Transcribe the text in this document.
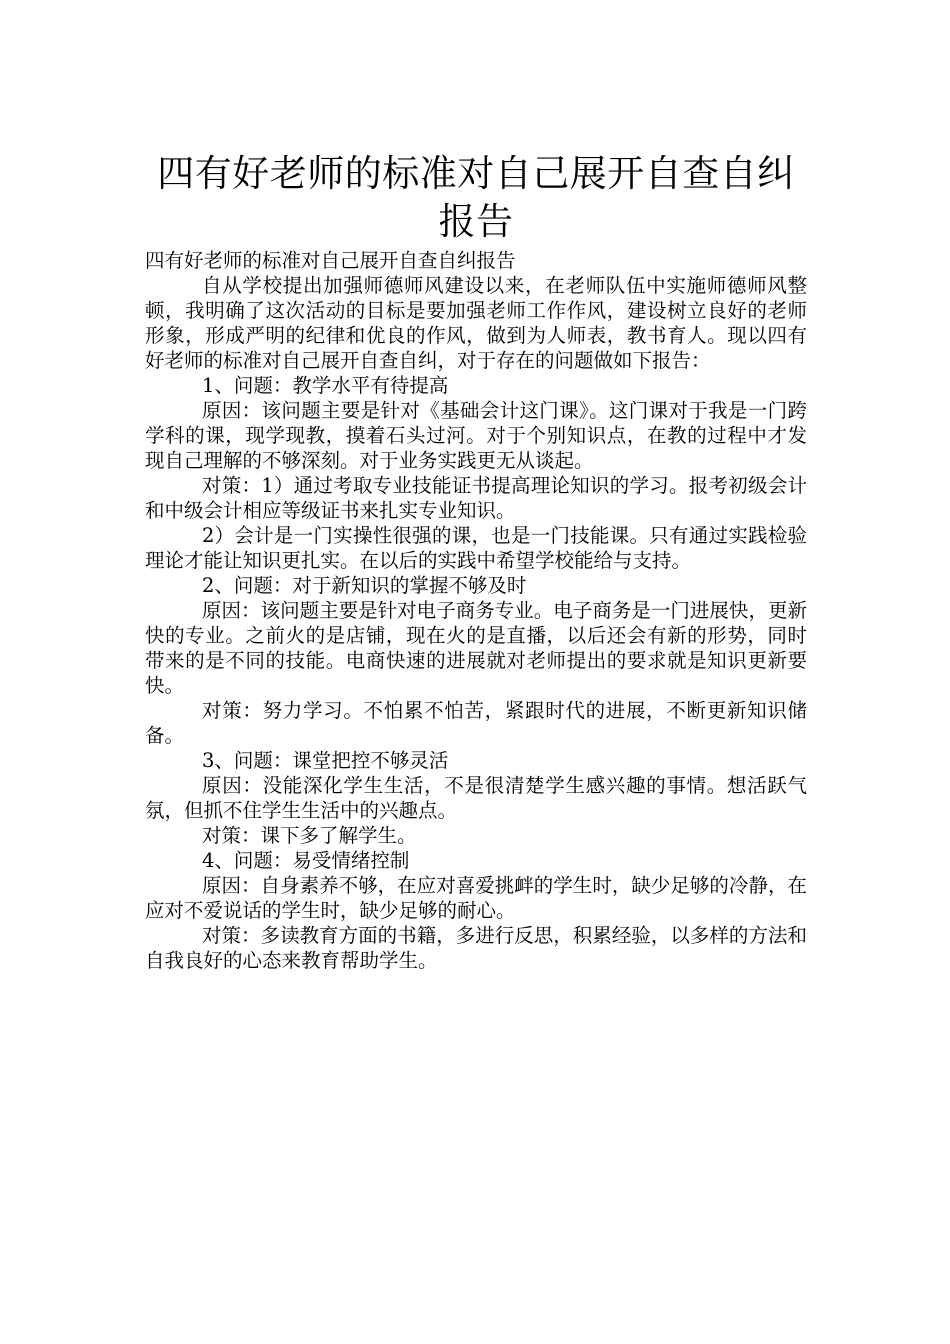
四有好老师的标准对自己展开自查自纠报告

四有好老师的标准对自己展开自查自纠报告

自从学校提出加强师德师风建设以来，在老师队伍中实施师德师风整顿，我明确了这次活动的目标是要加强老师工作作风，建设树立良好的老师形象，形成严明的纪律和优良的作风，做到为人师表，教书育人。现以四有好老师的标准对自己展开自查自纠，对于存在的问题做如下报告：

1、问题：教学水平有待提高

原因：该问题主要是针对《基础会计这门课》。这门课对于我是一门跨学科的课，现学现教，摸着石头过河。对于个别知识点，在教的过程中才发现自己理解的不够深刻。对于业务实践更无从谈起。

对策：1）通过考取专业技能证书提高理论知识的学习。报考初级会计和中级会计相应等级证书来扎实专业知识。

2）会计是一门实操性很强的课，也是一门技能课。只有通过实践检验理论才能让知识更扎实。在以后的实践中希望学校能给与支持。

2、问题：对于新知识的掌握不够及时

原因：该问题主要是针对电子商务专业。电子商务是一门进展快，更新快的专业。之前火的是店铺，现在火的是直播，以后还会有新的形势，同时带来的是不同的技能。电商快速的进展就对老师提出的要求就是知识更新要快。

对策：努力学习。不怕累不怕苦，紧跟时代的进展，不断更新知识储备。

3、问题：课堂把控不够灵活

原因：没能深化学生生活，不是很清楚学生感兴趣的事情。想活跃气氛，但抓不住学生生活中的兴趣点。

对策：课下多了解学生。

4、问题：易受情绪控制

原因：自身素养不够，在应对喜爱挑衅的学生时，缺少足够的冷静，在应对不爱说话的学生时，缺少足够的耐心。

对策：多读教育方面的书籍，多进行反思，积累经验，以多样的方法和自我良好的心态来教育帮助学生。
